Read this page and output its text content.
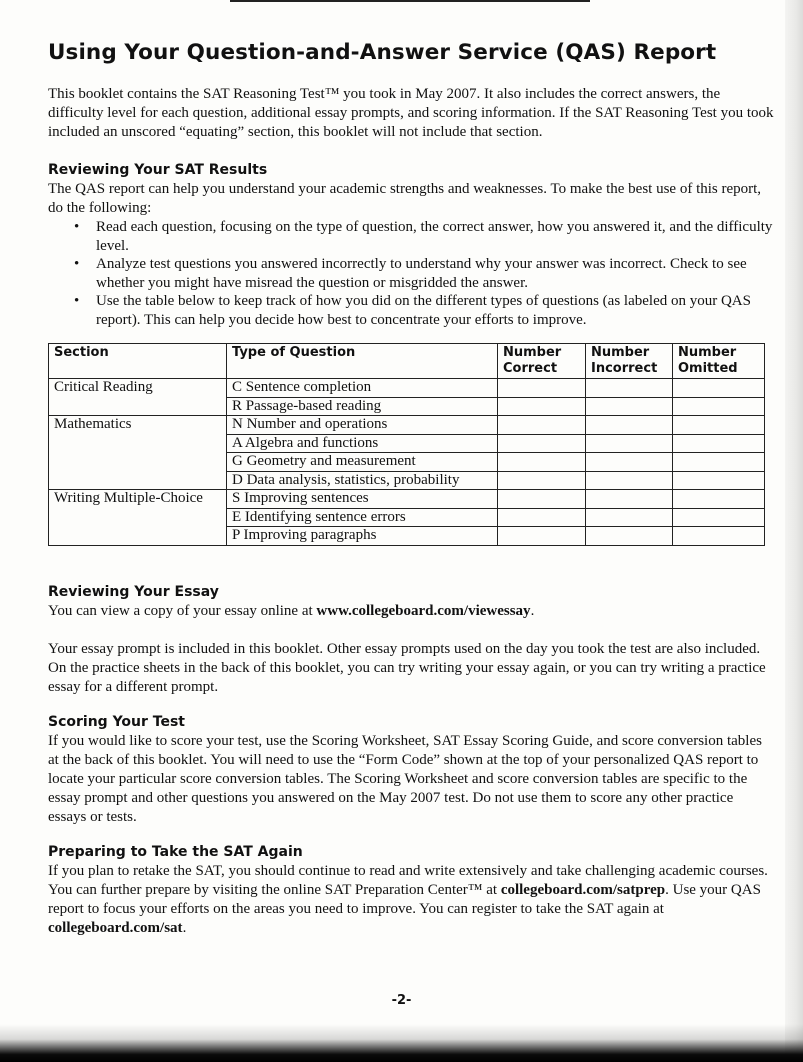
Using Your Question-and-Answer Service (QAS) Report

This booklet contains the SAT Reasoning Test™ you took in May 2007. It also includes the correct answers, the difficulty level for each question, additional essay prompts, and scoring information. If the SAT Reasoning Test you took included an unscored “equating” section, this booklet will not include that section.

Reviewing Your SAT Results

The QAS report can help you understand your academic strengths and weaknesses. To make the best use of this report, do the following:

• Read each question, focusing on the type of question, the correct answer, how you answered it, and the difficulty level.
• Analyze test questions you answered incorrectly to understand why your answer was incorrect. Check to see whether you might have misread the question or misgridded the answer.
• Use the table below to keep track of how you did on the different types of questions (as labeled on your QAS report). This can help you decide how best to concentrate your efforts to improve.
Section	Type of Question	Number Correct	Number Incorrect	Number Omitted
Critical Reading	C Sentence completion			
	R Passage-based reading			
Mathematics	N Number and operations			
	A Algebra and functions			
	G Geometry and measurement			
	D Data analysis, statistics, probability			
Writing Multiple-Choice	S Improving sentences			
	E Identifying sentence errors			
	P Improving paragraphs			
Reviewing Your Essay

You can view a copy of your essay online at www.collegeboard.com/viewessay.

Your essay prompt is included in this booklet. Other essay prompts used on the day you took the test are also included. On the practice sheets in the back of this booklet, you can try writing your essay again, or you can try writing a practice essay for a different prompt.

Scoring Your Test

If you would like to score your test, use the Scoring Worksheet, SAT Essay Scoring Guide, and score conversion tables at the back of this booklet. You will need to use the “Form Code” shown at the top of your personalized QAS report to locate your particular score conversion tables. The Scoring Worksheet and score conversion tables are specific to the essay prompt and other questions you answered on the May 2007 test. Do not use them to score any other practice essays or tests.

Preparing to Take the SAT Again

If you plan to retake the SAT, you should continue to read and write extensively and take challenging academic courses. You can further prepare by visiting the online SAT Preparation Center™ at collegeboard.com/satprep. Use your QAS report to focus your efforts on the areas you need to improve. You can register to take the SAT again at collegeboard.com/sat.

-2-
